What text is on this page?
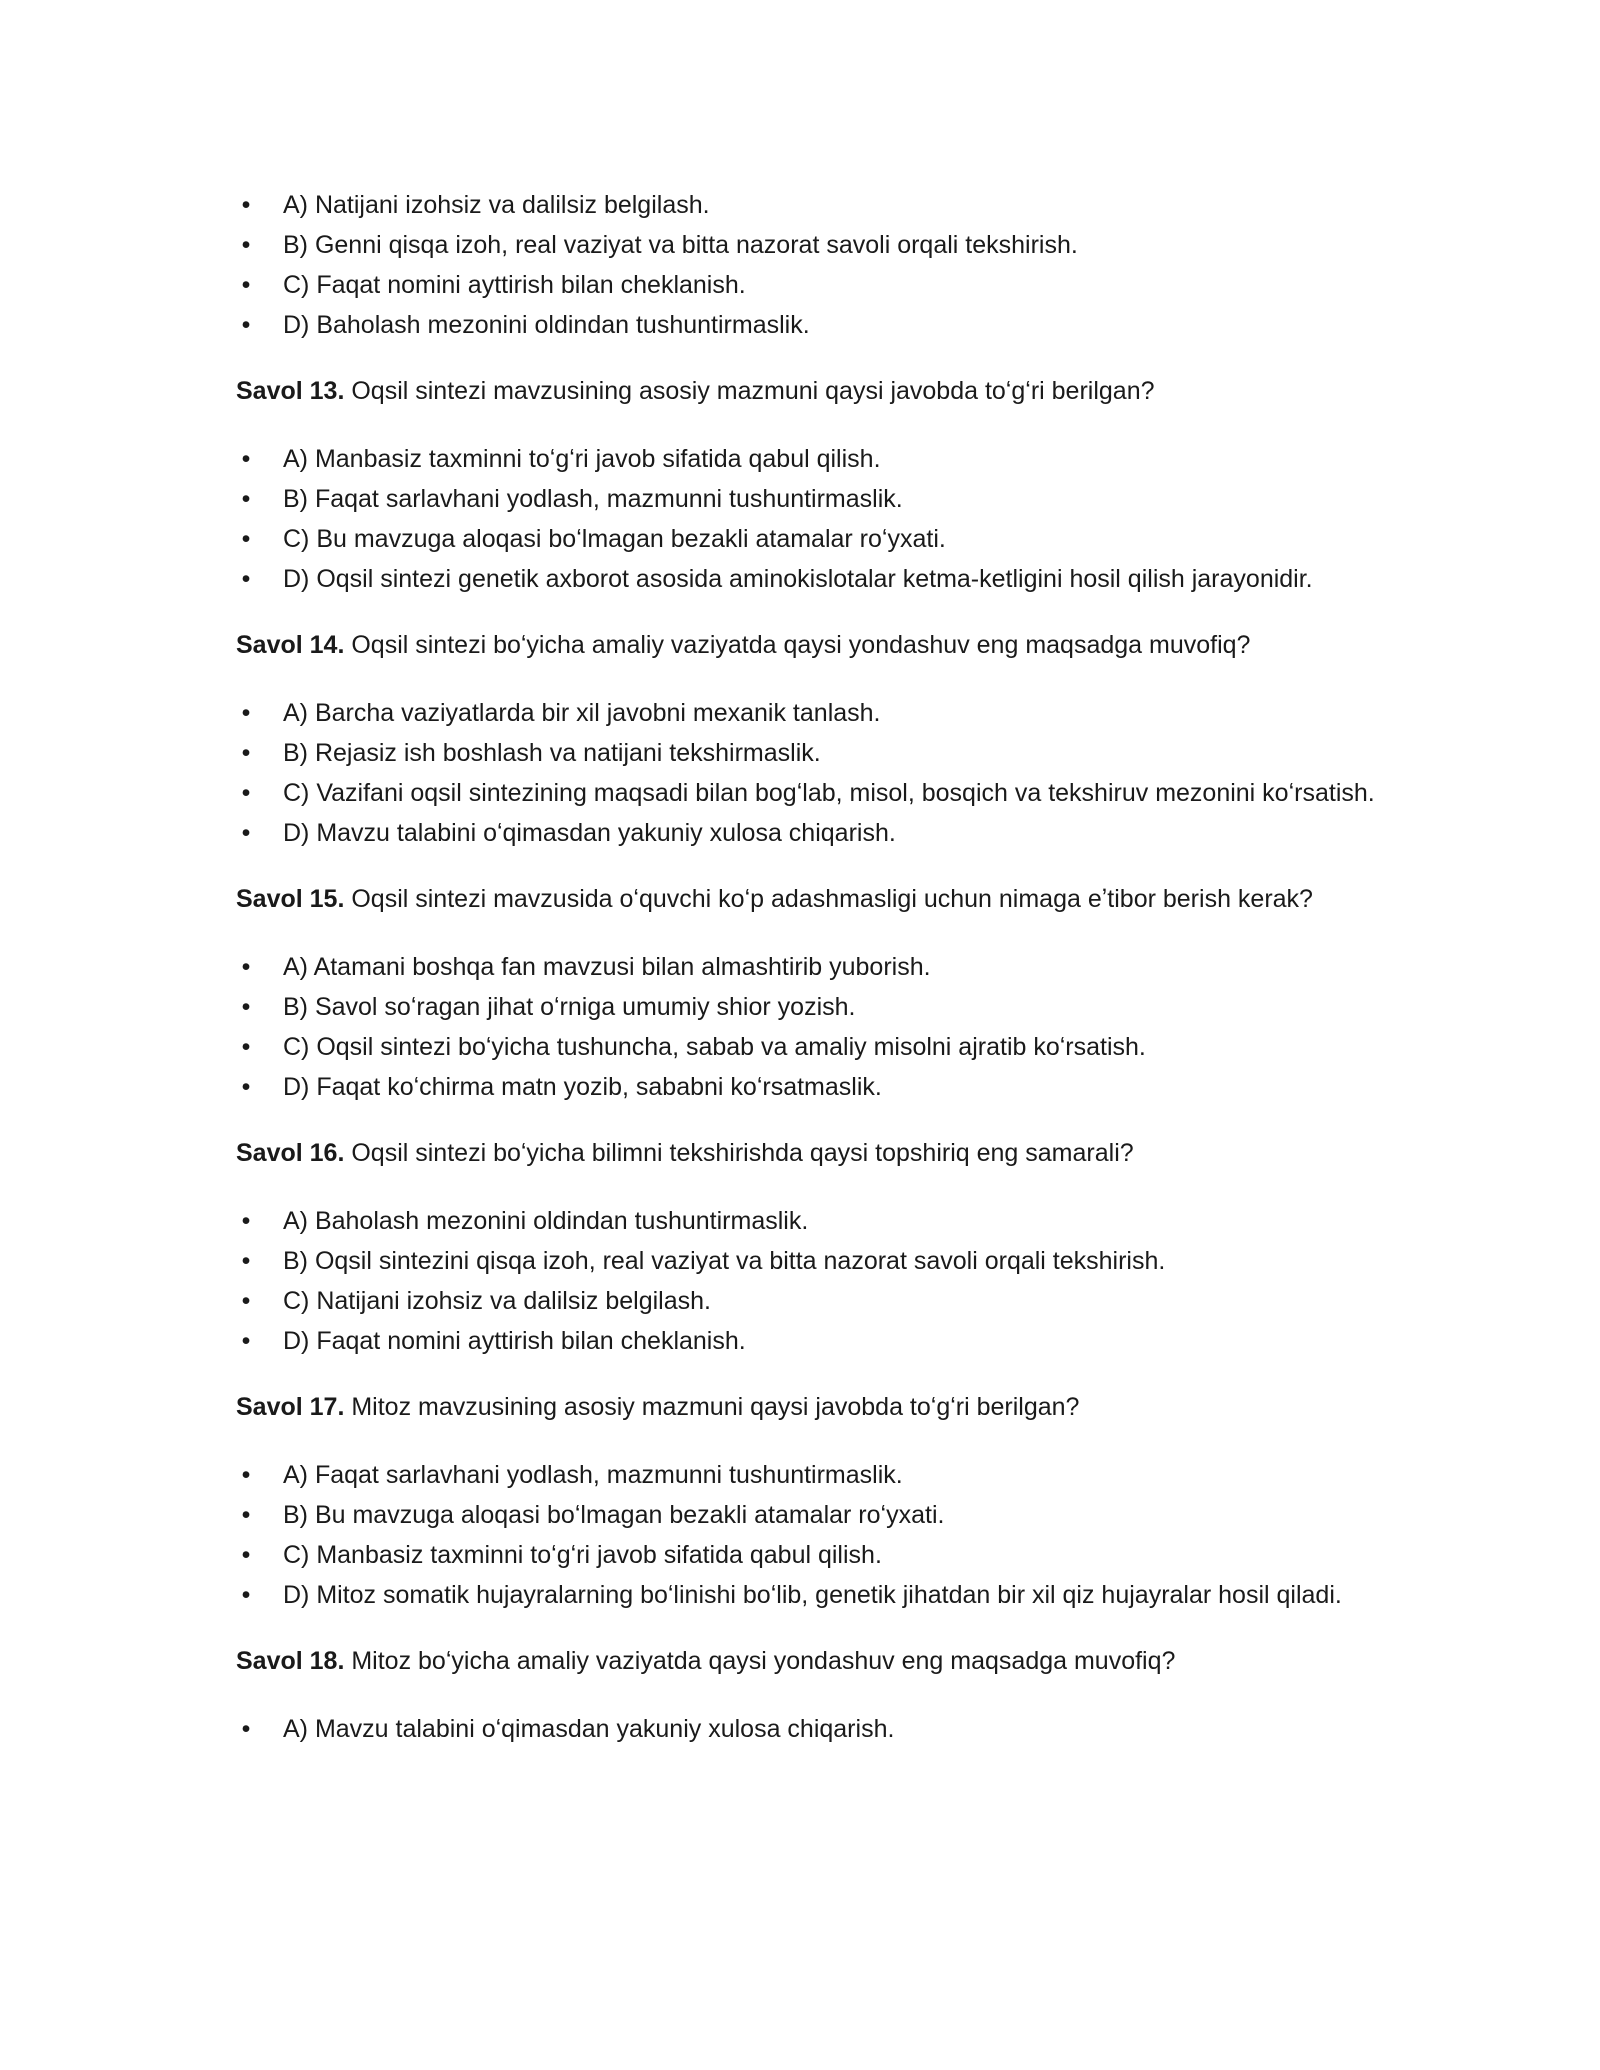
• A) Natijani izohsiz va dalilsiz belgilash.
• B) Genni qisqa izoh, real vaziyat va bitta nazorat savoli orqali tekshirish.
• C) Faqat nomini ayttirish bilan cheklanish.
• D) Baholash mezonini oldindan tushuntirmaslik.

Savol 13. Oqsil sintezi mavzusining asosiy mazmuni qaysi javobda toʻgʻri berilgan?

• A) Manbasiz taxminni toʻgʻri javob sifatida qabul qilish.
• B) Faqat sarlavhani yodlash, mazmunni tushuntirmaslik.
• C) Bu mavzuga aloqasi boʻlmagan bezakli atamalar roʻyxati.
• D) Oqsil sintezi genetik axborot asosida aminokislotalar ketma-ketligini hosil qilish jarayonidir.

Savol 14. Oqsil sintezi boʻyicha amaliy vaziyatda qaysi yondashuv eng maqsadga muvofiq?

• A) Barcha vaziyatlarda bir xil javobni mexanik tanlash.
• B) Rejasiz ish boshlash va natijani tekshirmaslik.
• C) Vazifani oqsil sintezining maqsadi bilan bogʻlab, misol, bosqich va tekshiruv mezonini koʻrsatish.
• D) Mavzu talabini oʻqimasdan yakuniy xulosa chiqarish.

Savol 15. Oqsil sintezi mavzusida oʻquvchi koʻp adashmasligi uchun nimaga eʼtibor berish kerak?

• A) Atamani boshqa fan mavzusi bilan almashtirib yuborish.
• B) Savol soʻragan jihat oʻrniga umumiy shior yozish.
• C) Oqsil sintezi boʻyicha tushuncha, sabab va amaliy misolni ajratib koʻrsatish.
• D) Faqat koʻchirma matn yozib, sababni koʻrsatmaslik.

Savol 16. Oqsil sintezi boʻyicha bilimni tekshirishda qaysi topshiriq eng samarali?

• A) Baholash mezonini oldindan tushuntirmaslik.
• B) Oqsil sintezini qisqa izoh, real vaziyat va bitta nazorat savoli orqali tekshirish.
• C) Natijani izohsiz va dalilsiz belgilash.
• D) Faqat nomini ayttirish bilan cheklanish.

Savol 17. Mitoz mavzusining asosiy mazmuni qaysi javobda toʻgʻri berilgan?

• A) Faqat sarlavhani yodlash, mazmunni tushuntirmaslik.
• B) Bu mavzuga aloqasi boʻlmagan bezakli atamalar roʻyxati.
• C) Manbasiz taxminni toʻgʻri javob sifatida qabul qilish.
• D) Mitoz somatik hujayralarning boʻlinishi boʻlib, genetik jihatdan bir xil qiz hujayralar hosil qiladi.

Savol 18. Mitoz boʻyicha amaliy vaziyatda qaysi yondashuv eng maqsadga muvofiq?

• A) Mavzu talabini oʻqimasdan yakuniy xulosa chiqarish.
